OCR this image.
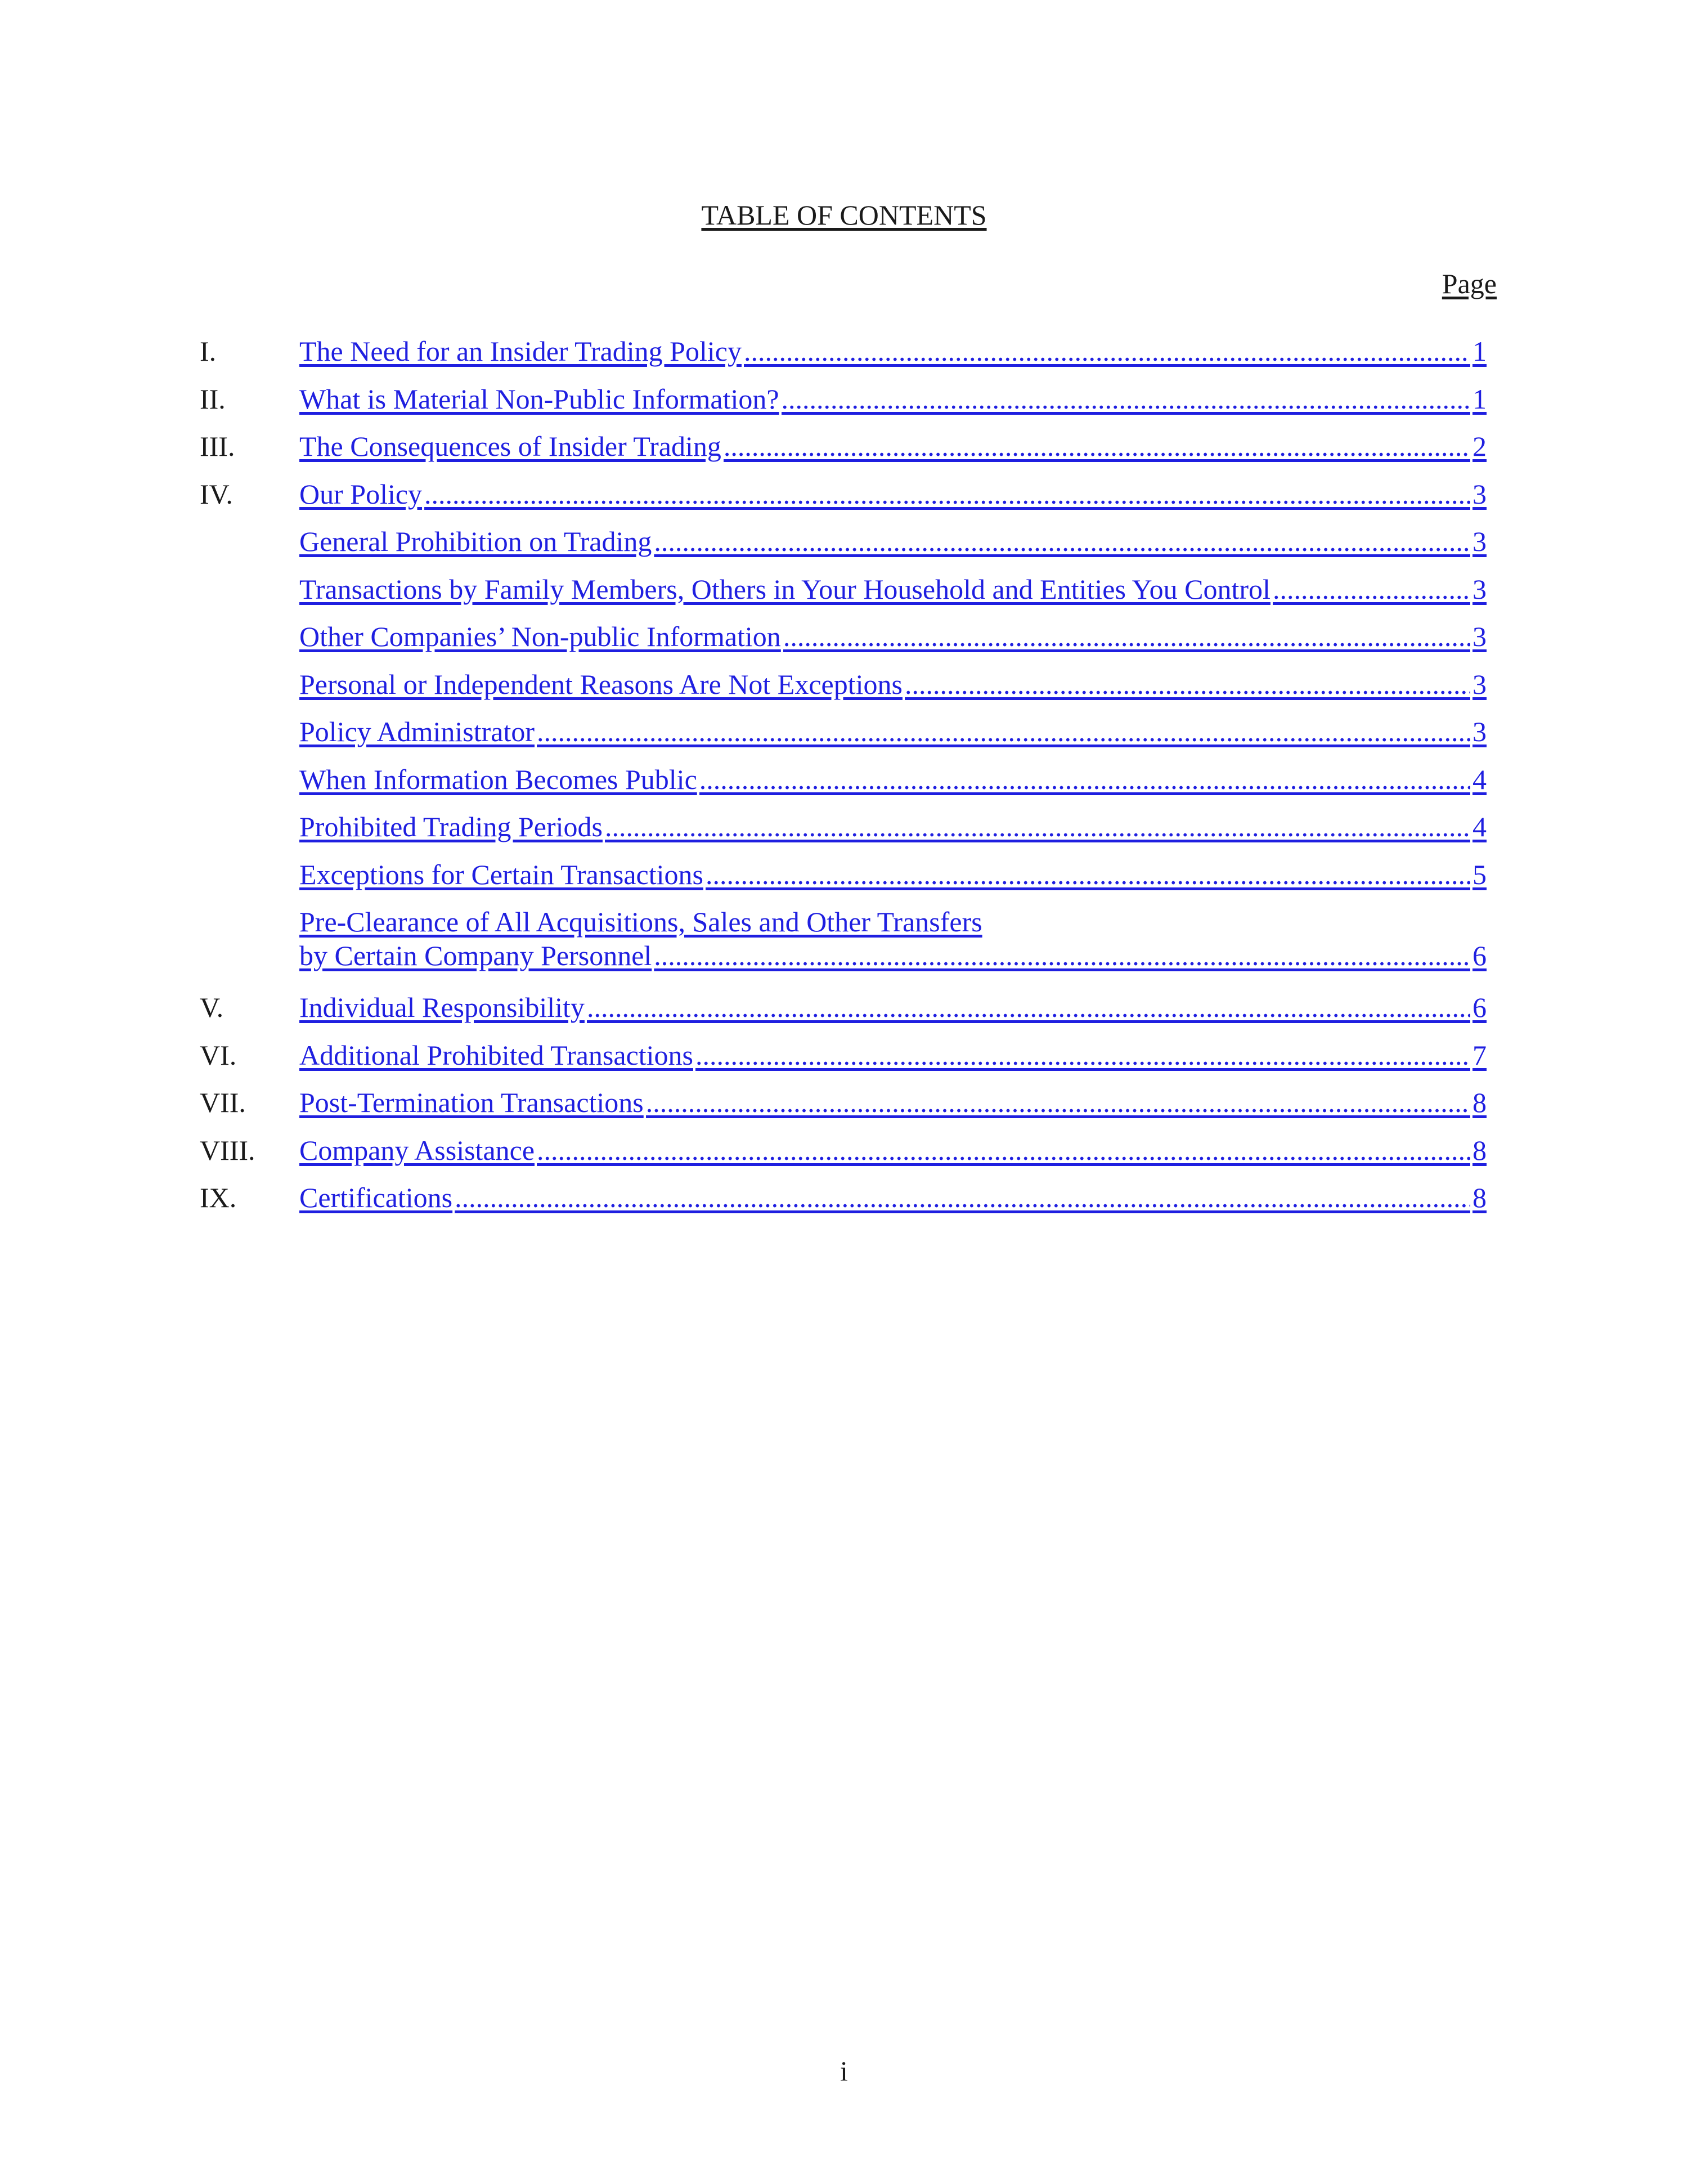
TABLE OF CONTENTS
Page
I.	The Need for an Insider Trading Policy .....	1
II.	What is Material Non-Public Information? .....	1
III. The Consequences of Insider Trading .....	2
IV. Our Policy .....	3
General Prohibition on Trading .....	3
Transactions by Family Members, Others in Your Household and Entities You Control .....	3
Other Companies’ Non-public Information .....	3
Personal or Independent Reasons Are Not Exceptions .....	3
Policy Administrator .....	3
When Information Becomes Public .....	4
Prohibited Trading Periods .....	4
Exceptions for Certain Transactions .....	5
Pre-Clearance of All Acquisitions, Sales and Other Transfers
by Certain Company Personnel .....	6
V.	Individual Responsibility .....	6
VI. Additional Prohibited Transactions .....	7
VII. Post-Termination Transactions .....	8
VIII. Company Assistance .....	8
IX. Certifications .....	8
i
